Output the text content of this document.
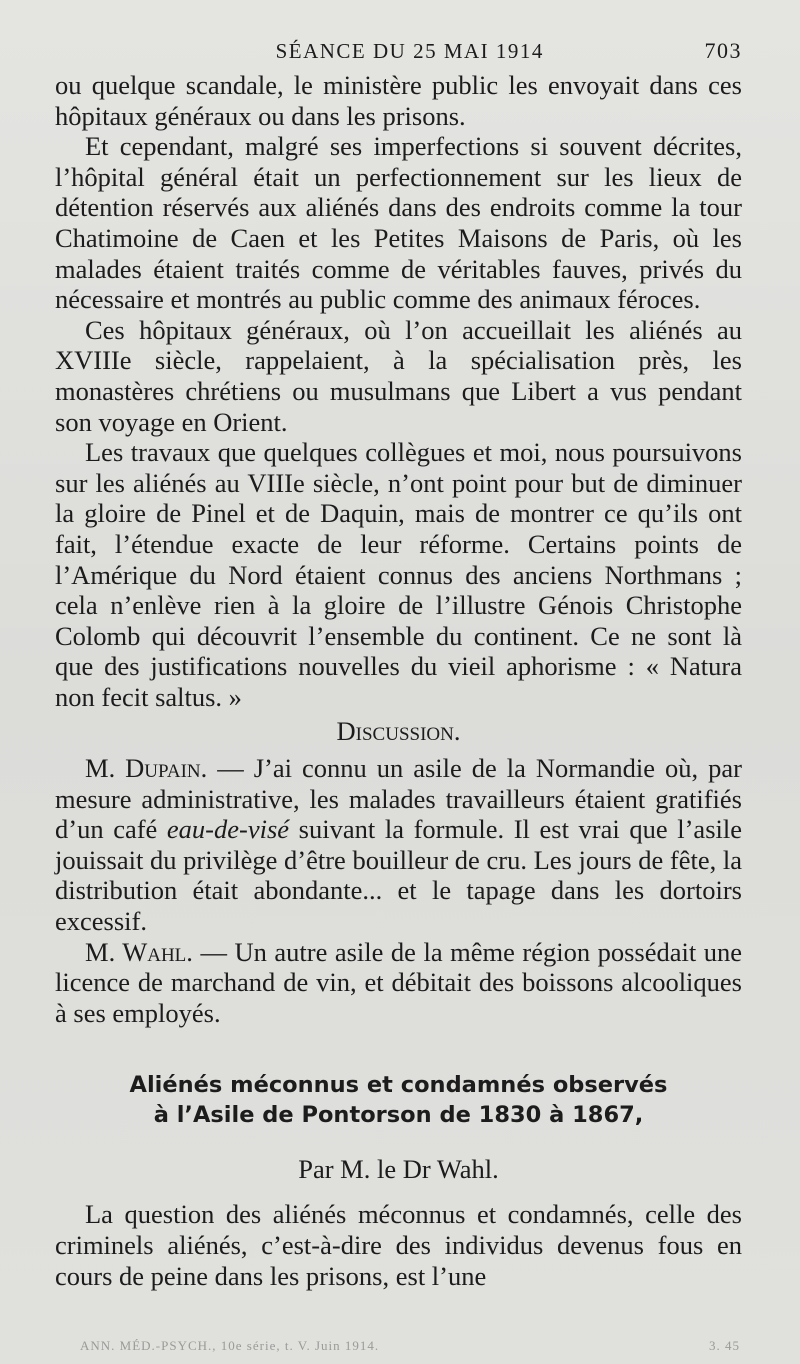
SÉANCE DU 25 MAI 1914	703

ou quelque scandale, le ministère public les envoyait dans ces hôpitaux généraux ou dans les prisons.

Et cependant, malgré ses imperfections si souvent décrites, l’hôpital général était un perfectionnement sur les lieux de détention réservés aux aliénés dans des endroits comme la tour Chatimoine de Caen et les Petites Maisons de Paris, où les malades étaient traités comme de véritables fauves, privés du nécessaire et montrés au public comme des animaux féroces.

Ces hôpitaux généraux, où l’on accueillait les aliénés au XVIIIe siècle, rappelaient, à la spécialisation près, les monastères chrétiens ou musulmans que Libert a vus pendant son voyage en Orient.

Les travaux que quelques collègues et moi, nous poursuivons sur les aliénés au VIIIe siècle, n’ont point pour but de diminuer la gloire de Pinel et de Daquin, mais de montrer ce qu’ils ont fait, l’étendue exacte de leur réforme. Certains points de l’Amérique du Nord étaient connus des anciens Northmans ; cela n’enlève rien à la gloire de l’illustre Génois Christophe Colomb qui découvrit l’ensemble du continent. Ce ne sont là que des justifications nouvelles du vieil aphorisme : « Natura non fecit saltus. »

Discussion.

M. Dupain. — J’ai connu un asile de la Normandie où, par mesure administrative, les malades travailleurs étaient gratifiés d’un café eau-de-visé suivant la formule. Il est vrai que l’asile jouissait du privilège d’être bouilleur de cru. Les jours de fête, la distribution était abondante... et le tapage dans les dortoirs excessif.

M. Wahl. — Un autre asile de la même région possédait une licence de marchand de vin, et débitait des boissons alcooliques à ses employés.

Aliénés méconnus et condamnés observés
à l’Asile de Pontorson de 1830 à 1867,
Par M. le Dr Wahl.

La question des aliénés méconnus et condamnés, celle des criminels aliénés, c’est-à-dire des individus devenus fous en cours de peine dans les prisons, est l’une

ANN. MÉD.-PSYCH., 10e série, t. V. Juin 1914.	3. 45
